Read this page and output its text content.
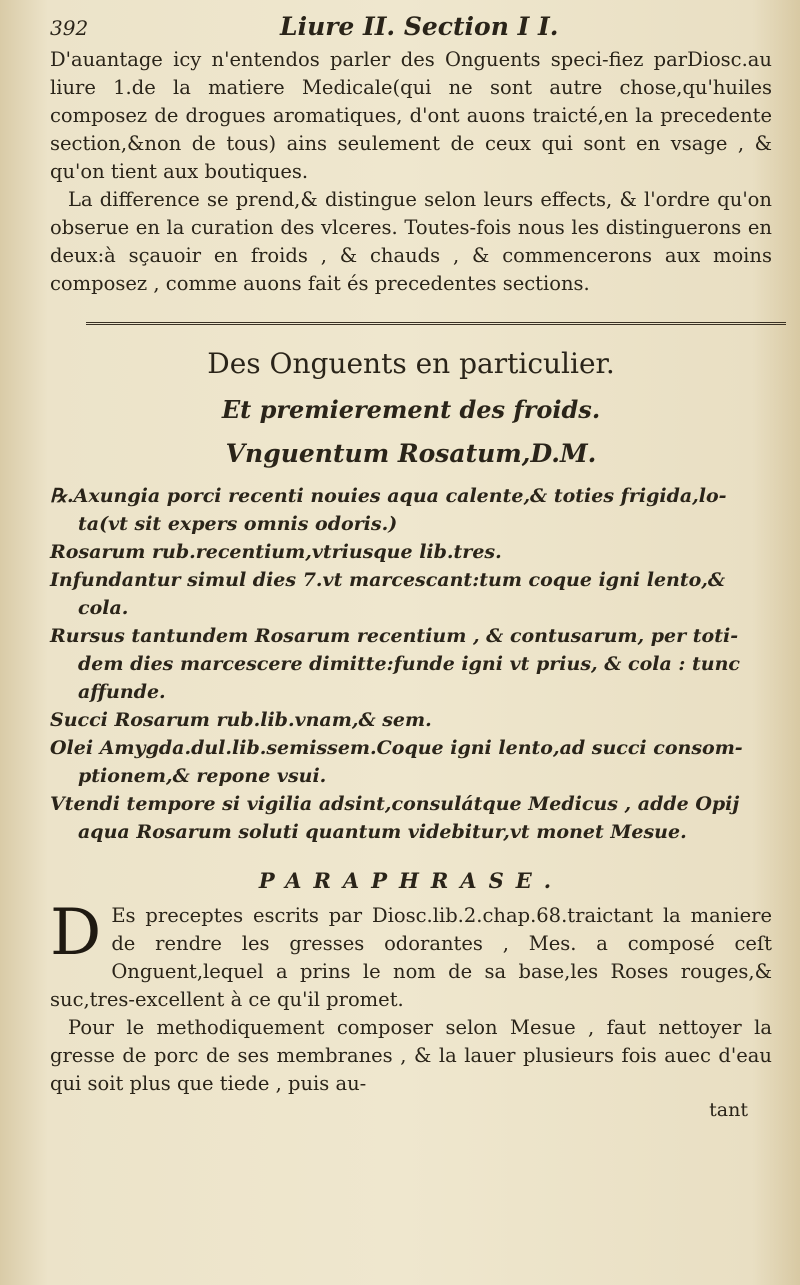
392	Liure II. Section I I.

D'auantage icy n'entendos parler des Onguents speci-fiez parDiosc.au liure 1.de la matiere Medicale(qui ne sont autre chose,qu'huiles composez de drogues aromatiques, d'ont auons traicté,en la precedente section,&non de tous) ains seulement de ceux qui sont en vsage , & qu'on tient aux boutiques.

La difference se prend,& distingue selon leurs effects, & l'ordre qu'on obserue en la curation des vlceres. Toutes-fois nous les distinguerons en deux:à sçauoir en froids , & chauds , & commencerons aux moins composez , comme auons fait és precedentes sections.

Des Onguents en particulier.

Et premierement des froids.

Vnguentum Rosatum,D.M.

℞.Axungia porci recenti nouies aqua calente,& toties frigida,lo-

ta(vt sit expers omnis odoris.)

Rosarum rub.recentium,vtriusque lib.tres.

Infundantur simul dies 7.vt marcescant:tum coque igni lento,&

cola.

Rursus tantundem Rosarum recentium , & contusarum, per toti-

dem dies marcescere dimitte:funde igni vt prius, & cola : tunc

affunde.

Succi Rosarum rub.lib.vnam,& sem.

Olei Amygda.dul.lib.semissem.Coque igni lento,ad succi consom-

ptionem,& repone vsui.

Vtendi tempore si vigilia adsint,consulátque Medicus , adde Opij

aqua Rosarum soluti quantum videbitur,vt monet Mesue.

PARAPHRASE.

D Es preceptes escrits par Diosc.lib.2.chap.68.traictant la maniere de rendre les gresses odorantes , Mes. a composé ceſt Onguent,lequel a prins le nom de sa base,les Roses rouges,& suc,tres-excellent à ce qu'il promet.

Pour le methodiquement composer selon Mesue , faut nettoyer la gresse de porc de ses membranes , & la lauer plusieurs fois auec d'eau qui soit plus que tiede , puis au-

tant
